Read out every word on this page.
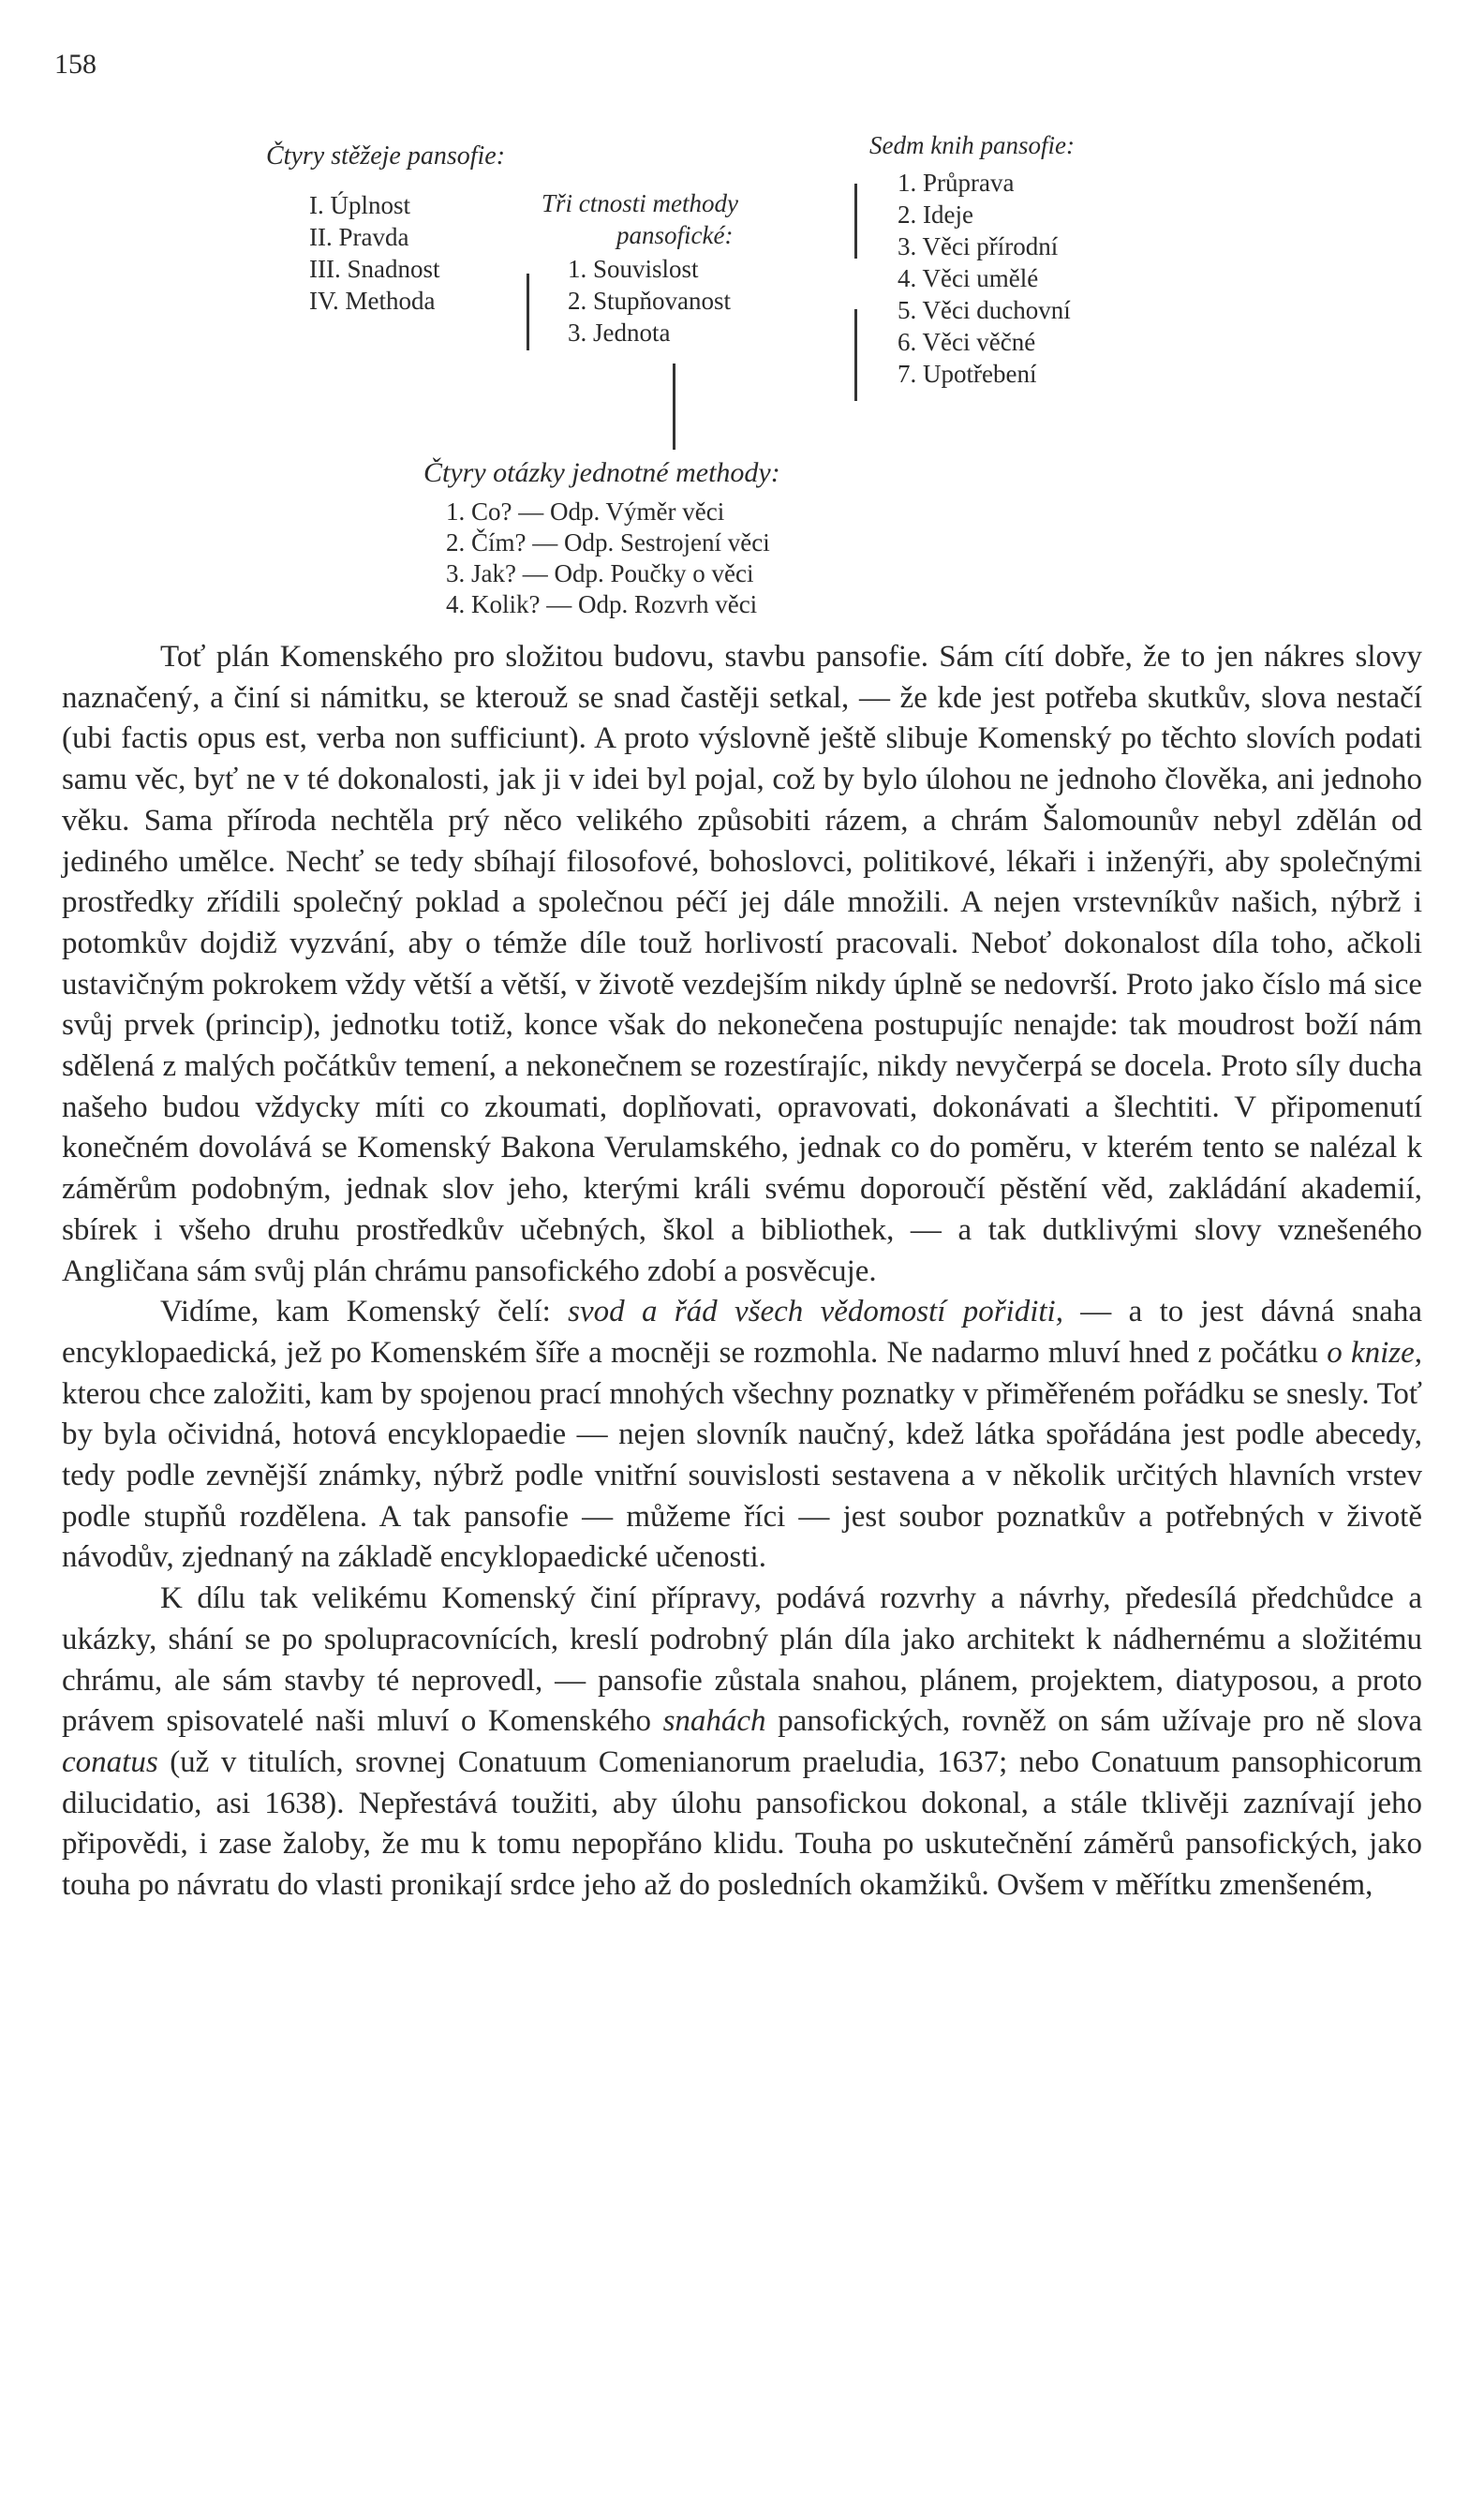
158
Čtyry stěžeje pansofie:
I. Úplnost
II. Pravda
III. Snadnost
IV. Methoda
Tři ctnosti methody
pansofické:
1. Souvislost
2. Stupňovanost
3. Jednota
Sedm knih pansofie:
1. Průprava
2. Ideje
3. Věci přírodní
4. Věci umělé
5. Věci duchovní
6. Věci věčné
7. Upotřebení
Čtyry otázky jednotné methody:
1. Co? — Odp. Výměr věci
2. Čím? — Odp. Sestrojení věci
3. Jak? — Odp. Poučky o věci
4. Kolik? — Odp. Rozvrh věci

Toť plán Komenského pro složitou budovu, stavbu pansofie. Sám cítí dobře, že to jen nákres slovy naznačený, a činí si námitku, se kterouž se snad častěji setkal, — že kde jest potřeba skutkův, slova nestačí (ubi factis opus est, verba non sufficiunt). A proto výslovně ještě slibuje Komenský po těchto slovích podati samu věc, byť ne v té dokonalosti, jak ji v idei byl pojal, což by bylo úlohou ne jednoho člověka, ani jednoho věku. Sama příroda nechtěla prý něco velikého způsobiti rázem, a chrám Šalomounův nebyl zdělán od jediného umělce. Nechť se tedy sbíhají filosofové, bohoslovci, politikové, lékaři i inženýři, aby společnými prostředky zřídili společný poklad a společnou péčí jej dále množili. A nejen vrstevníkův našich, nýbrž i potomkův dojdiž vyzvání, aby o témže díle touž horlivostí pracovali. Neboť dokonalost díla toho, ačkoli ustavičným pokrokem vždy větší a větší, v životě vezdejším nikdy úplně se nedovrší. Proto jako číslo má sice svůj prvek (princip), jednotku totiž, konce však do nekonečena postupujíc nenajde: tak moudrost boží nám sdělená z malých počátkův temení, a nekonečnem se rozestírajíc, nikdy nevyčerpá se docela. Proto síly ducha našeho budou vždycky míti co zkoumati, doplňovati, opravovati, dokonávati a šlechtiti. V připomenutí konečném dovolává se Komenský Bakona Verulamského, jednak co do poměru, v kterém tento se nalézal k záměrům podobným, jednak slov jeho, kterými králi svému doporoučí pěstění věd, zakládání akademií, sbírek i všeho druhu prostředkův učebných, škol a bibliothek, — a tak dutklivými slovy vznešeného Angličana sám svůj plán chrámu pansofického zdobí a posvěcuje.

Vidíme, kam Komenský čelí: svod a řád všech vědomostí pořiditi, — a to jest dávná snaha encyklopaedická, jež po Komenském šíře a mocněji se rozmohla. Ne nadarmo mluví hned z počátku o knize, kterou chce založiti, kam by spojenou prací mnohých všechny poznatky v přiměřeném pořádku se snesly. Toť by byla očividná, hotová encyklopaedie — nejen slovník naučný, kdež látka spořádána jest podle abecedy, tedy podle zevnější známky, nýbrž podle vnitřní souvislosti sestavena a v několik určitých hlavních vrstev podle stupňů rozdělena. A tak pansofie — můžeme říci — jest soubor poznatkův a potřebných v životě návodův, zjednaný na základě encyklopaedické učenosti.

K dílu tak velikému Komenský činí přípravy, podává rozvrhy a návrhy, předesílá předchůdce a ukázky, shání se po spolupracovnících, kreslí podrobný plán díla jako architekt k nádhernému a složitému chrámu, ale sám stavby té neprovedl, — pansofie zůstala snahou, plánem, projektem, diatyposou, a proto právem spisovatelé naši mluví o Komenského snahách pansofických, rovněž on sám užívaje pro ně slova conatus (už v titulích, srovnej Conatuum Comenianorum praeludia, 1637; nebo Conatuum pansophicorum dilucidatio, asi 1638). Nepřestává toužiti, aby úlohu pansofickou dokonal, a stále tklivěji zaznívají jeho připovědi, i zase žaloby, že mu k tomu nepopřáno klidu. Touha po uskutečnění záměrů pansofických, jako touha po návratu do vlasti pronikají srdce jeho až do posledních okamžiků. Ovšem v měřítku zmenšeném,
